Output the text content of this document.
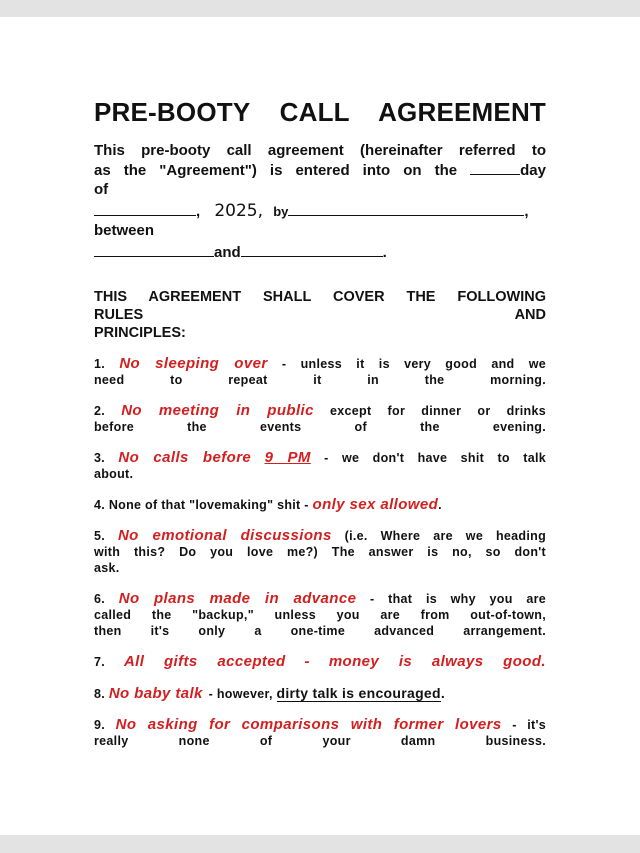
PRE-BOOTY CALL AGREEMENT
This pre-booty call agreement (hereinafter referred to
as the "Agreement") is entered into on the	day
of
, 2025, by	,
between
and	.
THIS AGREEMENT SHALL COVER THE FOLLOWING
RULES	AND
PRINCIPLES:
1. No sleeping over - unless it is very good and we
need to repeat it in the morning.
2. No meeting in public except for dinner or drinks
before the events of the evening.
3. No calls before 9 PM - we don't have shit to talk
about.
4. None of that "lovemaking" shit - only sex allowed.
5. No emotional discussions (i.e. Where are we heading
with this? Do you love me?) The answer is no, so don't
ask.
6. No plans made in advance - that is why you are
called the "backup," unless you are from out-of-town,
then it's only a one-time advanced arrangement.
7. All gifts accepted - money is always good.
8. No baby talk - however, dirty talk is encouraged.
9. No asking for comparisons with former lovers - it's
really none of your damn business.
